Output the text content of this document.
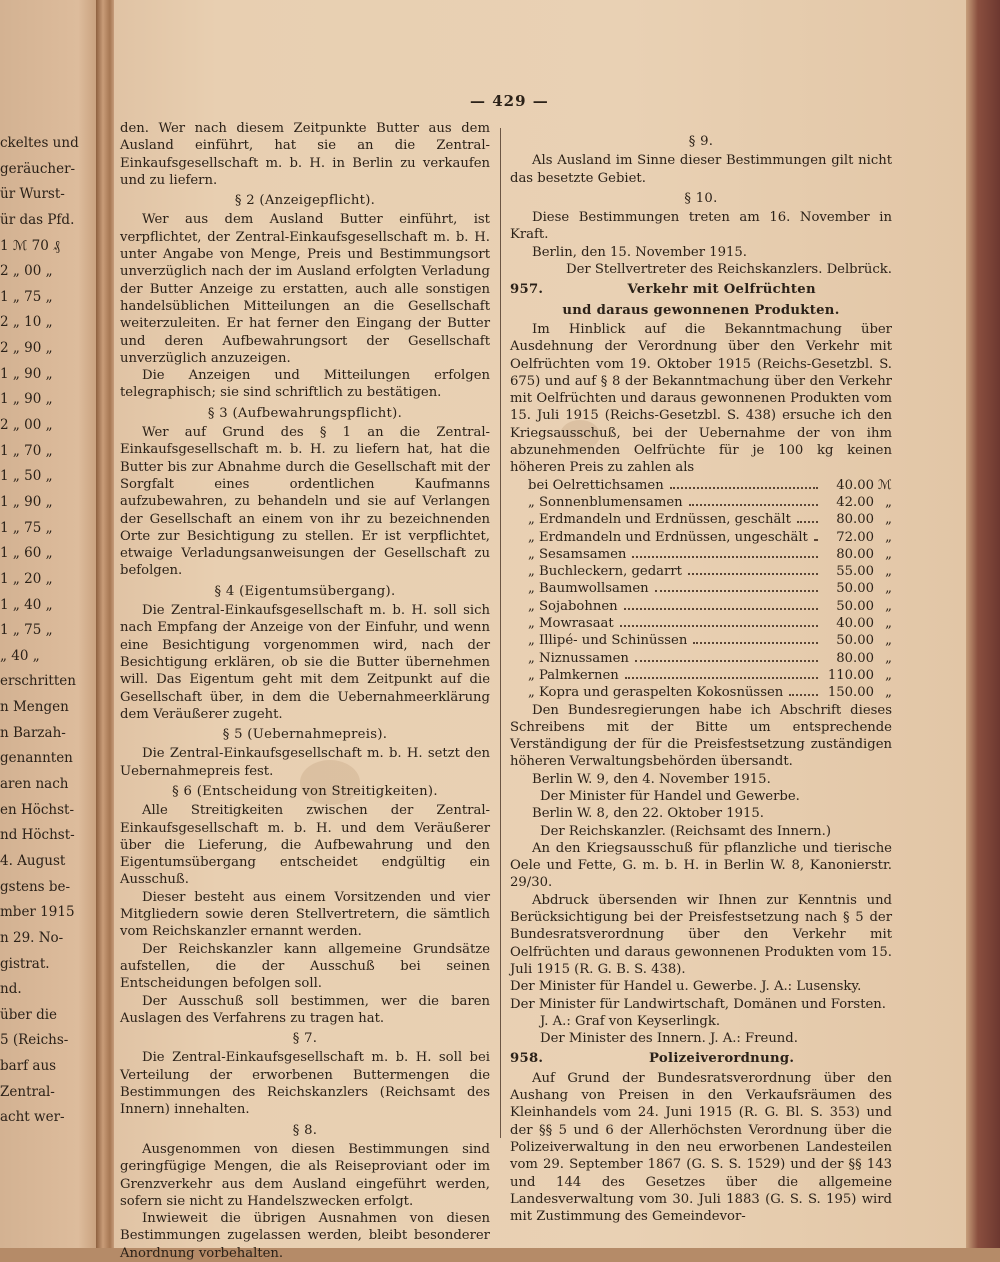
ckeltes und
geräucher-
ür Wurst-
ür das Pfd.
1 ℳ 70 ₰
2 „ 00 „
1 „ 75 „
2 „ 10 „
2 „ 90 „
1 „ 90 „
1 „ 90 „
2 „ 00 „
1 „ 70 „
1 „ 50 „
1 „ 90 „
1 „ 75 „
1 „ 60 „
1 „ 20 „
1 „ 40 „
1 „ 75 „
„ 40 „
erschritten
n Mengen
n Barzah-
genannten
aren nach
en Höchst-
nd Höchst-
4. August
gstens be-
mber 1915
n 29. No-
gistrat.
nd.
über die
5 (Reichs-
barf aus
Zentral-
acht wer-
— 429 —

den. Wer nach diesem Zeitpunkte Butter aus dem Ausland einführt, hat sie an die Zentral-Einkaufsgesellschaft m. b. H. in Berlin zu verkaufen und zu liefern.

§ 2 (Anzeigepflicht).

Wer aus dem Ausland Butter einführt, ist verpflichtet, der Zentral-Einkaufsgesellschaft m. b. H. unter Angabe von Menge, Preis und Bestimmungsort unverzüglich nach der im Ausland erfolgten Verladung der Butter Anzeige zu erstatten, auch alle sonstigen handelsüblichen Mitteilungen an die Gesellschaft weiterzuleiten. Er hat ferner den Eingang der Butter und deren Aufbewahrungsort der Gesellschaft unverzüglich anzuzeigen.

Die Anzeigen und Mitteilungen erfolgen telegraphisch; sie sind schriftlich zu bestätigen.

§ 3 (Aufbewahrungspflicht).

Wer auf Grund des § 1 an die Zentral-Einkaufsgesellschaft m. b. H. zu liefern hat, hat die Butter bis zur Abnahme durch die Gesellschaft mit der Sorgfalt eines ordentlichen Kaufmanns aufzubewahren, zu behandeln und sie auf Verlangen der Gesellschaft an einem von ihr zu bezeichnenden Orte zur Besichtigung zu stellen. Er ist verpflichtet, etwaige Verladungsanweisungen der Gesellschaft zu befolgen.

§ 4 (Eigentumsübergang).

Die Zentral-Einkaufsgesellschaft m. b. H. soll sich nach Empfang der Anzeige von der Einfuhr, und wenn eine Besichtigung vorgenommen wird, nach der Besichtigung erklären, ob sie die Butter übernehmen will. Das Eigentum geht mit dem Zeitpunkt auf die Gesellschaft über, in dem die Uebernahmeerklärung dem Veräußerer zugeht.

§ 5 (Uebernahmepreis).

Die Zentral-Einkaufsgesellschaft m. b. H. setzt den Uebernahmepreis fest.

§ 6 (Entscheidung von Streitigkeiten).

Alle Streitigkeiten zwischen der Zentral-Einkaufsgesellschaft m. b. H. und dem Veräußerer über die Lieferung, die Aufbewahrung und den Eigentumsübergang entscheidet endgültig ein Ausschuß.

Dieser besteht aus einem Vorsitzenden und vier Mitgliedern sowie deren Stellvertretern, die sämtlich vom Reichskanzler ernannt werden.

Der Reichskanzler kann allgemeine Grundsätze aufstellen, die der Ausschuß bei seinen Entscheidungen befolgen soll.

Der Ausschuß soll bestimmen, wer die baren Auslagen des Verfahrens zu tragen hat.

§ 7.

Die Zentral-Einkaufsgesellschaft m. b. H. soll bei Verteilung der erworbenen Buttermengen die Bestimmungen des Reichskanzlers (Reichsamt des Innern) innehalten.

§ 8.

Ausgenommen von diesen Bestimmungen sind geringfügige Mengen, die als Reiseproviant oder im Grenzverkehr aus dem Ausland eingeführt werden, sofern sie nicht zu Handelszwecken erfolgt.

Inwieweit die übrigen Ausnahmen von diesen Bestimmungen zugelassen werden, bleibt besonderer Anordnung vorbehalten.

§ 9.

Als Ausland im Sinne dieser Bestimmungen gilt nicht das besetzte Gebiet.

§ 10.

Diese Bestimmungen treten am 16. November in Kraft.

Berlin, den 15. November 1915.

Der Stellvertreter des Reichskanzlers. Delbrück.

957.	Verkehr mit Oelfrüchten

und daraus gewonnenen Produkten.

Im Hinblick auf die Bekanntmachung über Ausdehnung der Verordnung über den Verkehr mit Oelfrüchten vom 19. Oktober 1915 (Reichs-Gesetzbl. S. 675) und auf § 8 der Bekanntmachung über den Verkehr mit Oelfrüchten und daraus gewonnenen Produkten vom 15. Juli 1915 (Reichs-Gesetzbl. S. 438) ersuche ich den Kriegsausschuß, bei der Uebernahme der von ihm abzunehmenden Oelfrüchte für je 100 kg keinen höheren Preis zu zahlen als

bei Oelrettichsamen	40.00 ℳ
„ Sonnenblumensamen	42.00 „
„ Erdmandeln und Erdnüssen, geschält	80.00 „
„ Erdmandeln und Erdnüssen, ungeschält	72.00 „
„ Sesamsamen	80.00 „
„ Buchleckern, gedarrt	55.00 „
„ Baumwollsamen	50.00 „
„ Sojabohnen	50.00 „
„ Mowrasaat	40.00 „
„ Illipé- und Schinüssen	50.00 „
„ Niznussamen	80.00 „
„ Palmkernen	110.00 „
„ Kopra und geraspelten Kokosnüssen	150.00 „

Den Bundesregierungen habe ich Abschrift dieses Schreibens mit der Bitte um entsprechende Verständigung der für die Preisfestsetzung zuständigen höheren Verwaltungsbehörden übersandt.

Berlin W. 9, den 4. November 1915.

Der Minister für Handel und Gewerbe.

Berlin W. 8, den 22. Oktober 1915.

Der Reichskanzler. (Reichsamt des Innern.)

An den Kriegsausschuß für pflanzliche und tierische Oele und Fette, G. m. b. H. in Berlin W. 8, Kanonierstr. 29/30.

Abdruck übersenden wir Ihnen zur Kenntnis und Berücksichtigung bei der Preisfestsetzung nach § 5 der Bundesratsverordnung über den Verkehr mit Oelfrüchten und daraus gewonnenen Produkten vom 15. Juli 1915 (R. G. B. S. 438).

Der Minister für Handel u. Gewerbe. J. A.: Lusensky.

Der Minister für Landwirtschaft, Domänen und Forsten.

J. A.: Graf von Keyserlingk.

Der Minister des Innern. J. A.: Freund.

958.	Polizeiverordnung.

Auf Grund der Bundesratsverordnung über den Aushang von Preisen in den Verkaufsräumen des Kleinhandels vom 24. Juni 1915 (R. G. Bl. S. 353) und der §§ 5 und 6 der Allerhöchsten Verordnung über die Polizeiverwaltung in den neu erworbenen Landesteilen vom 29. September 1867 (G. S. S. 1529) und der §§ 143 und 144 des Gesetzes über die allgemeine Landesverwaltung vom 30. Juli 1883 (G. S. S. 195) wird mit Zustimmung des Gemeindevor-
